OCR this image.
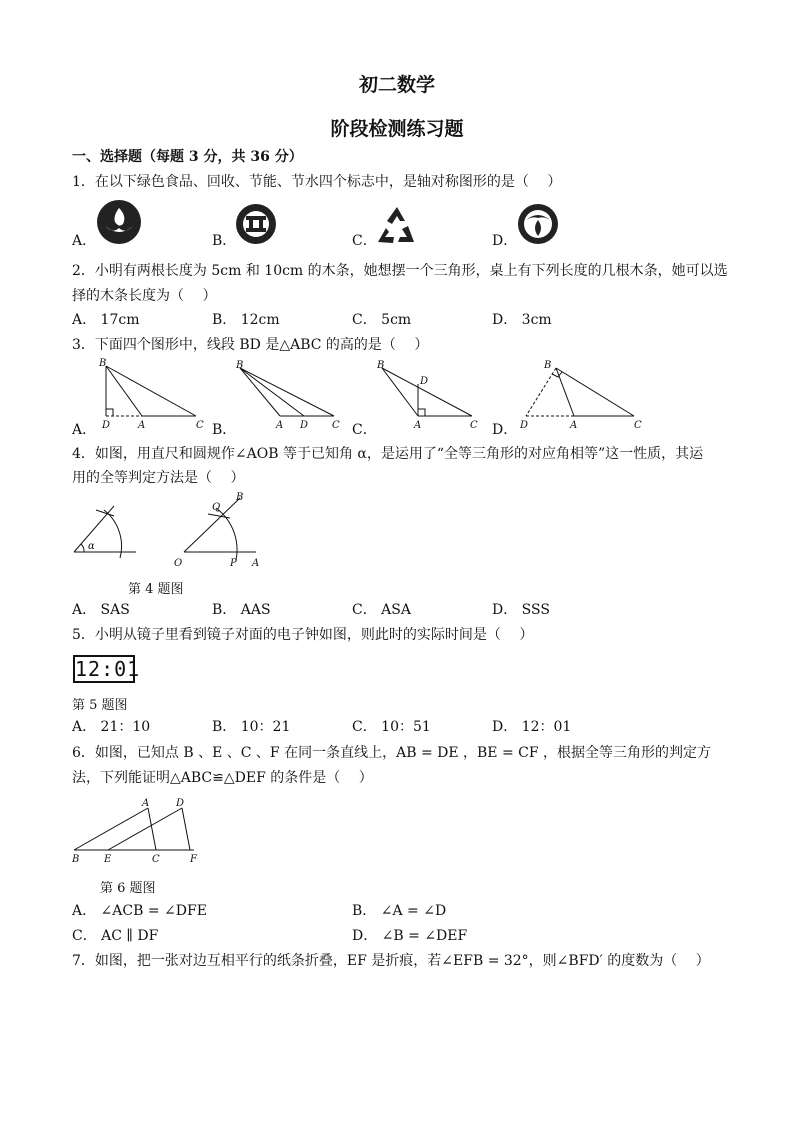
初二数学
阶段检测练习题
一、选择题（每题 3 分，共 36 分）
1．在以下绿色食品、回收、节能、节水四个标志中，是轴对称图形的是（　 ）
A．	B．	C．	D．
2．小明有两根长度为 5cm 和 10cm 的木条，她想摆一个三角形，桌上有下列长度的几根木条，她可以选
择的木条长度为（　 ）
A． 17cm	B． 12cm	C． 5cm	D． 3cm
3．下面四个图形中，线段 BD 是△ABC 的高的是（　 ）
A．
B
D	A	C B．
B
A D C C．
B
D
A	C D．
B
D	A	C
4．如图，用直尺和圆规作∠AOB 等于已知角 α，是运用了“全等三角形的对应角相等”这一性质，其运
用的全等判定方法是（　 ）
α
O	P A
Q
B
第 4 题图
A． SAS	B． AAS	C． ASA	D． SSS
5．小明从镜子里看到镜子对面的电子钟如图，则此时的实际时间是（　 ）
12:01
第 5 题图
A． 21：10	B． 10：21	C． 10：51	D． 12：01
6．如图，已知点 B 、E 、C 、F 在同一条直线上，AB = DE ，BE = CF ，根据全等三角形的判定方
法，下列能证明△ABC≌△DEF 的条件是（　 ）
A	D
B E	C	F
第 6 题图
A． ∠ACB = ∠DFE	B． ∠A = ∠D
C． AC ∥ DF	D． ∠B = ∠DEF
7．如图，把一张对边互相平行的纸条折叠，EF 是折痕，若∠EFB = 32°，则∠BFD′ 的度数为（　 ）
